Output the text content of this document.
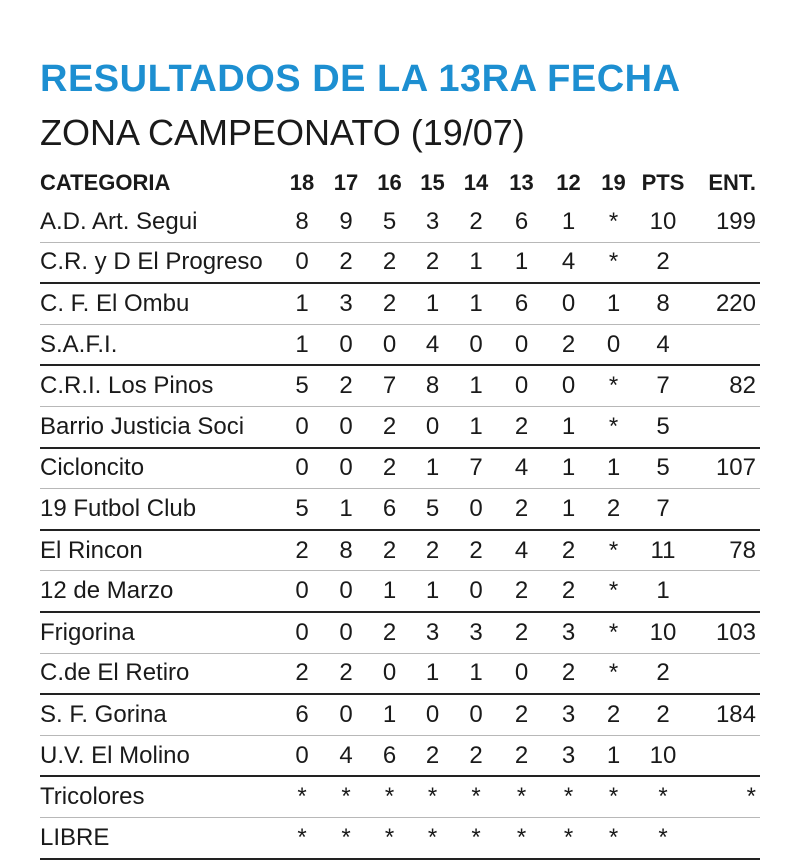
RESULTADOS DE LA 13RA FECHA
ZONA CAMPEONATO (19/07)
CATEGORIA	18	17	16	15	14	13	12	19	PTS	ENT.
A.D. Art. Segui	8	9	5	3	2	6	1	*	10	199
C.R. y D El Progreso	0	2	2	2	1	1	4	*	2	
C. F. El Ombu	1	3	2	1	1	6	0	1	8	220
S.A.F.I.	1	0	0	4	0	0	2	0	4	
C.R.I. Los Pinos	5	2	7	8	1	0	0	*	7	82
Barrio Justicia Soci	0	0	2	0	1	2	1	*	5	
Cicloncito	0	0	2	1	7	4	1	1	5	107
19 Futbol Club	5	1	6	5	0	2	1	2	7	
El Rincon	2	8	2	2	2	4	2	*	11	78
12 de Marzo	0	0	1	1	0	2	2	*	1	
Frigorina	0	0	2	3	3	2	3	*	10	103
C.de El Retiro	2	2	0	1	1	0	2	*	2	
S. F. Gorina	6	0	1	0	0	2	3	2	2	184
U.V. El Molino	0	4	6	2	2	2	3	1	10	
Tricolores	*	*	*	*	*	*	*	*	*	*
LIBRE	*	*	*	*	*	*	*	*	*	
